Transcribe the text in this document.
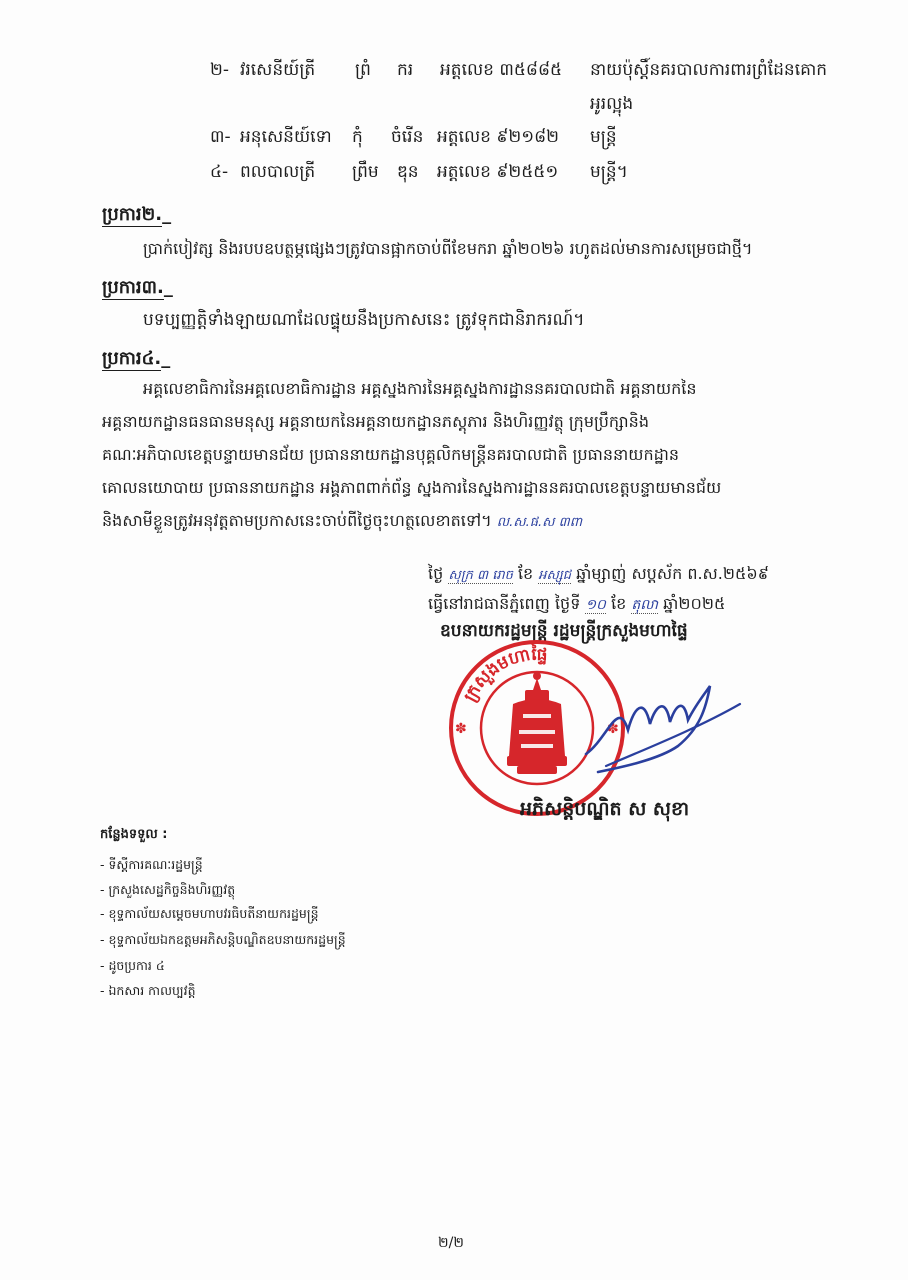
២- វរសេនីយ៍ត្រី ព្រំ ករ អត្តលេខ ៣៥៨៨៥ នាយប៉ុស្តិ៍នគរបាលការពារព្រំដែនគោក
អូរល្អុង
៣- អនុសេនីយ៍ទោ កុំ ចំរើន អត្តលេខ ៩២១៨២ មន្ត្រី
៤- ពលបាលត្រី ព្រឹម ឌុន អត្តលេខ ៩២៥៥១ មន្ត្រី។
ប្រការ២._
ប្រាក់បៀវត្ស និងរបបឧបត្ថម្ភផ្សេងៗត្រូវបានផ្អាកចាប់ពីខែមករា ឆ្នាំ២០២៦ រហូតដល់មានការសម្រេចជាថ្មី។
ប្រការ៣._
បទប្បញ្ញត្តិទាំងឡាយណាដែលផ្ទុយនឹងប្រកាសនេះ ត្រូវទុកជានិរាករណ៍។
ប្រការ៤._
អគ្គលេខាធិការនៃអគ្គលេខាធិការដ្ឋាន អគ្គស្នងការនៃអគ្គស្នងការដ្ឋាននគរបាលជាតិ អគ្គនាយកនៃ
អគ្គនាយកដ្ឋានធនធានមនុស្ស អគ្គនាយកនៃអគ្គនាយកដ្ឋានភស្តុភារ និងហិរញ្ញវត្ថុ ក្រុមប្រឹក្សានិង
គណៈអភិបាលខេត្តបន្ទាយមានជ័យ ប្រធាននាយកដ្ឋានបុគ្គលិកមន្ត្រីនគរបាលជាតិ ប្រធាននាយកដ្ឋាន
គោលនយោបាយ ប្រធាននាយកដ្ឋាន អង្គភាពពាក់ព័ន្ធ ស្នងការនៃស្នងការដ្ឋាននគរបាលខេត្តបន្ទាយមានជ័យ
និងសាមីខ្លួនត្រូវអនុវត្តតាមប្រកាសនេះចាប់ពីថ្ងៃចុះហត្ថលេខាតទៅ។ ល.ស.ផ.ស ៣ពា
ថ្ងៃ សុក្រ ៣ រោច ខែ អស្សុជ ឆ្នាំម្សាញ់ សប្តស័ក ព.ស.២៥៦៩
ធ្វើនៅរាជធានីភ្នំពេញ ថ្ងៃទី ១០ ខែ តុលា ឆ្នាំ២០២៥
ឧបនាយករដ្ឋមន្ត្រី រដ្ឋមន្ត្រីក្រសួងមហាផ្ទៃ
ក្រសួងមហាផ្ទៃ
✽	✽
អភិសន្តិបណ្ឌិត ស សុខា
កន្លែងទទួល :
- ទីស្តីការគណៈរដ្ឋមន្ត្រី
- ក្រសួងសេដ្ឋកិច្ចនិងហិរញ្ញវត្ថុ
- ខុទ្ទកាល័យសម្តេចមហាបវរធិបតីនាយករដ្ឋមន្ត្រី
- ខុទ្ទកាល័យឯកឧត្តមអភិសន្តិបណ្ឌិតឧបនាយករដ្ឋមន្ត្រី
- ដូចប្រការ ៤
- ឯកសារ កាលប្បវត្តិ
២/២
